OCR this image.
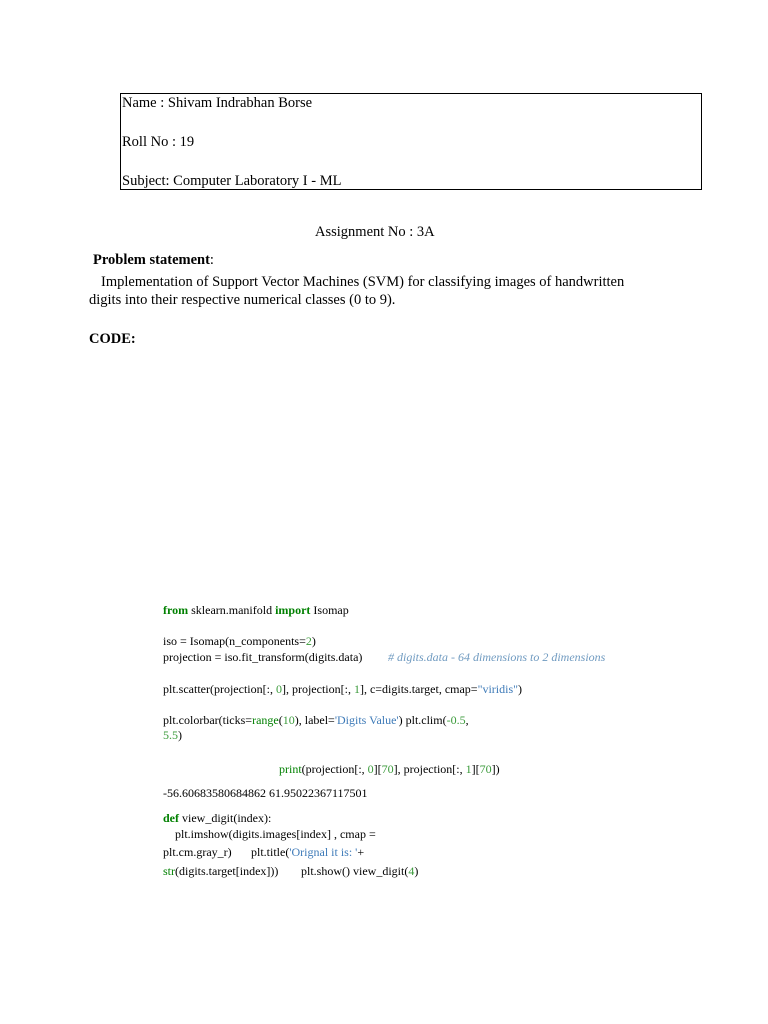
Name : Shivam Indrabhan Borse
Roll No : 19
Subject: Computer Laboratory I - ML
Assignment No : 3A
Problem statement:
Implementation of Support Vector Machines (SVM) for classifying images of handwritten
digits into their respective numerical classes (0 to 9).
CODE:
from sklearn.manifold import Isomap
iso = Isomap(n_components=2)
projection = iso.fit_transform(digits.data) # digits.data - 64 dimensions to 2 dimensions
plt.scatter(projection[:, 0], projection[:, 1], c=digits.target, cmap="viridis")
plt.colorbar(ticks=range(10), label='Digits Value') plt.clim(-0.5,
5.5)
print(projection[:, 0][70], projection[:, 1][70])
-56.60683580684862 61.95022367117501
def view_digit(index):
plt.imshow(digits.images[index] , cmap =
plt.cm.gray_r) plt.title('Orignal it is: '+
str(digits.target[index])) plt.show() view_digit(4)
